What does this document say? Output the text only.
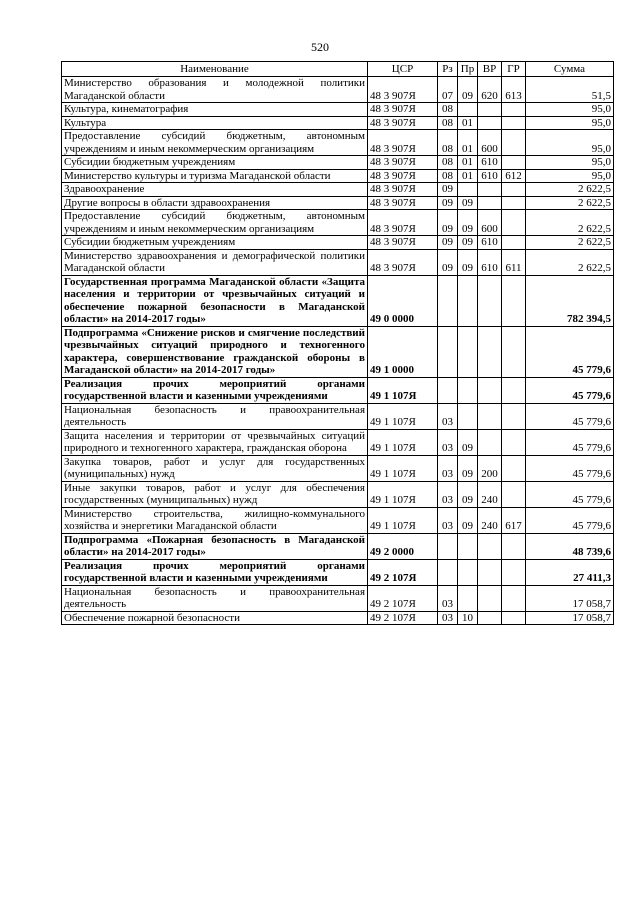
520
Наименование	ЦСР	Рз	Пр	ВР	ГР	Сумма
Министерство образования и молодежной политики Магаданской области	48 3 907Я	07	09	620	613	51,5
Культура, кинематография	48 3 907Я	08				95,0
Культура	48 3 907Я	08	01			95,0
Предоставление субсидий бюджетным, автономным учреждениям и иным некоммерческим организациям	48 3 907Я	08	01	600		95,0
Субсидии бюджетным учреждениям	48 3 907Я	08	01	610		95,0
Министерство культуры и туризма Магаданской области	48 3 907Я	08	01	610	612	95,0
Здравоохранение	48 3 907Я	09				2 622,5
Другие вопросы в области здравоохранения	48 3 907Я	09	09			2 622,5
Предоставление субсидий бюджетным, автономным учреждениям и иным некоммерческим организациям	48 3 907Я	09	09	600		2 622,5
Субсидии бюджетным учреждениям	48 3 907Я	09	09	610		2 622,5
Министерство здравоохранения и демографической политики Магаданской области	48 3 907Я	09	09	610	611	2 622,5
Государственная программа Магаданской области «Защита населения и территории от чрезвычайных ситуаций и обеспечение пожарной безопасности в Магаданской области» на 2014-2017 годы»	49 0 0000					782 394,5
Подпрограмма «Снижение рисков и смягчение последствий чрезвычайных ситуаций природного и техногенного характера, совершенствование гражданской обороны в Магаданской области» на 2014-2017 годы»	49 1 0000					45 779,6
Реализация прочих мероприятий органами государственной власти и казенными учреждениями	49 1 107Я					45 779,6
Национальная безопасность и правоохранительная деятельность	49 1 107Я	03				45 779,6
Защита населения и территории от чрезвычайных ситуаций природного и техногенного характера, гражданская оборона	49 1 107Я	03	09			45 779,6
Закупка товаров, работ и услуг для государственных (муниципальных) нужд	49 1 107Я	03	09	200		45 779,6
Иные закупки товаров, работ и услуг для обеспечения государственных (муниципальных) нужд	49 1 107Я	03	09	240		45 779,6
Министерство строительства, жилищно-коммунального хозяйства и энергетики Магаданской области	49 1 107Я	03	09	240	617	45 779,6
Подпрограмма «Пожарная безопасность в Магаданской области» на 2014-2017 годы»	49 2 0000					48 739,6
Реализация прочих мероприятий органами государственной власти и казенными учреждениями	49 2 107Я					27 411,3
Национальная безопасность и правоохранительная деятельность	49 2 107Я	03				17 058,7
Обеспечение пожарной безопасности	49 2 107Я	03	10			17 058,7
